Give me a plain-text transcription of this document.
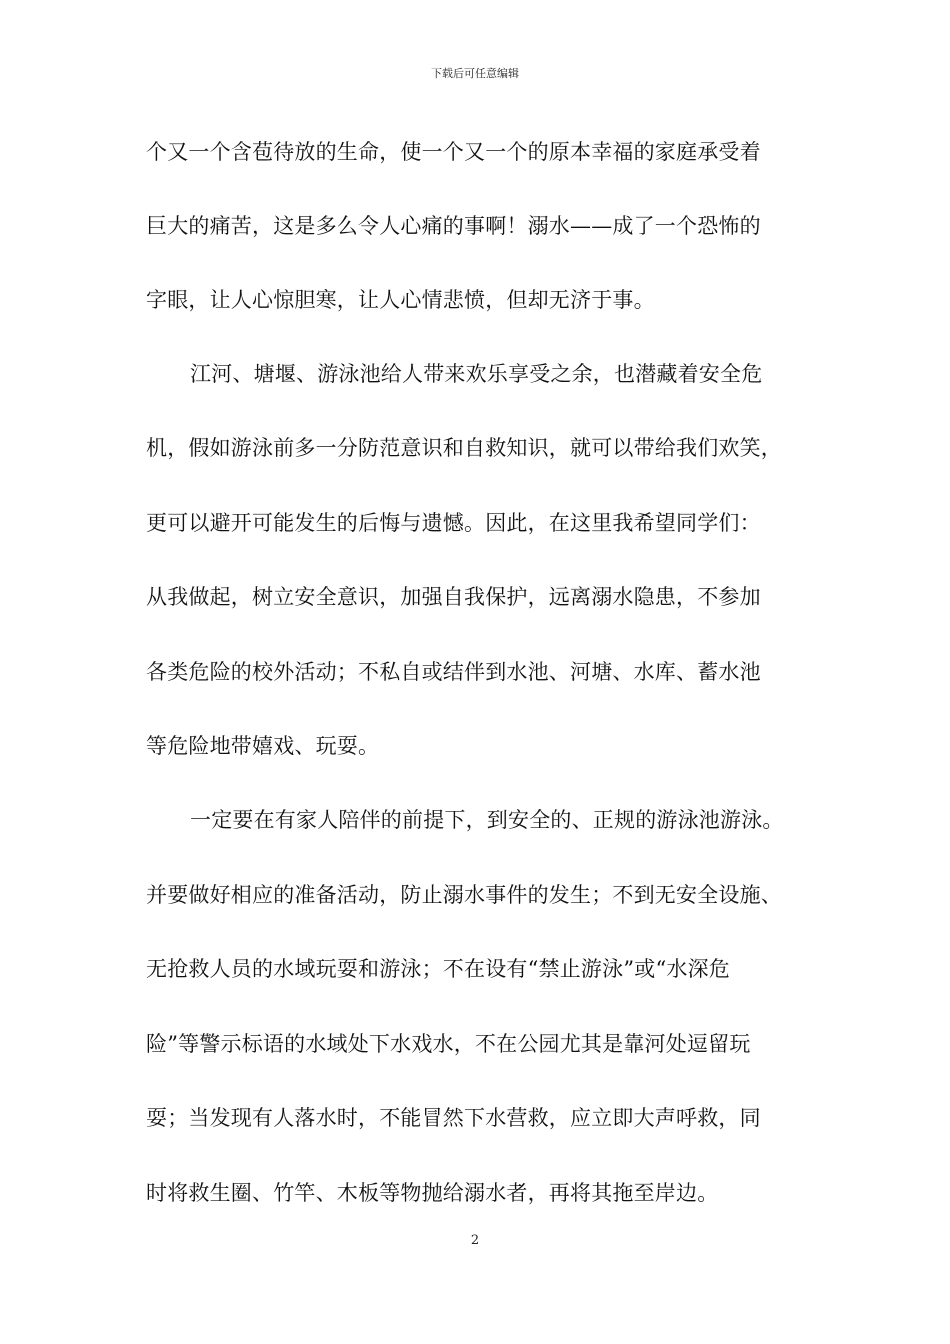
下载后可任意编辑
个又一个含苞待放的生命，使一个又一个的原本幸福的家庭承受着
巨大的痛苦，这是多么令人心痛的事啊！溺水——成了一个恐怖的
字眼，让人心惊胆寒，让人心情悲愤，但却无济于事。
江河、塘堰、游泳池给人带来欢乐享受之余，也潜藏着安全危
机，假如游泳前多一分防范意识和自救知识，就可以带给我们欢笑，
更可以避开可能发生的后悔与遗憾。因此，在这里我希望同学们：
从我做起，树立安全意识，加强自我保护，远离溺水隐患，不参加
各类危险的校外活动；不私自或结伴到水池、河塘、水库、蓄水池
等危险地带嬉戏、玩耍。
一定要在有家人陪伴的前提下，到安全的、正规的游泳池游泳。
并要做好相应的准备活动，防止溺水事件的发生；不到无安全设施、
无抢救人员的水域玩耍和游泳；不在设有“禁止游泳”或“水深危
险”等警示标语的水域处下水戏水，不在公园尤其是靠河处逗留玩
耍；当发现有人落水时，不能冒然下水营救，应立即大声呼救，同
时将救生圈、竹竿、木板等物抛给溺水者，再将其拖至岸边。
2
